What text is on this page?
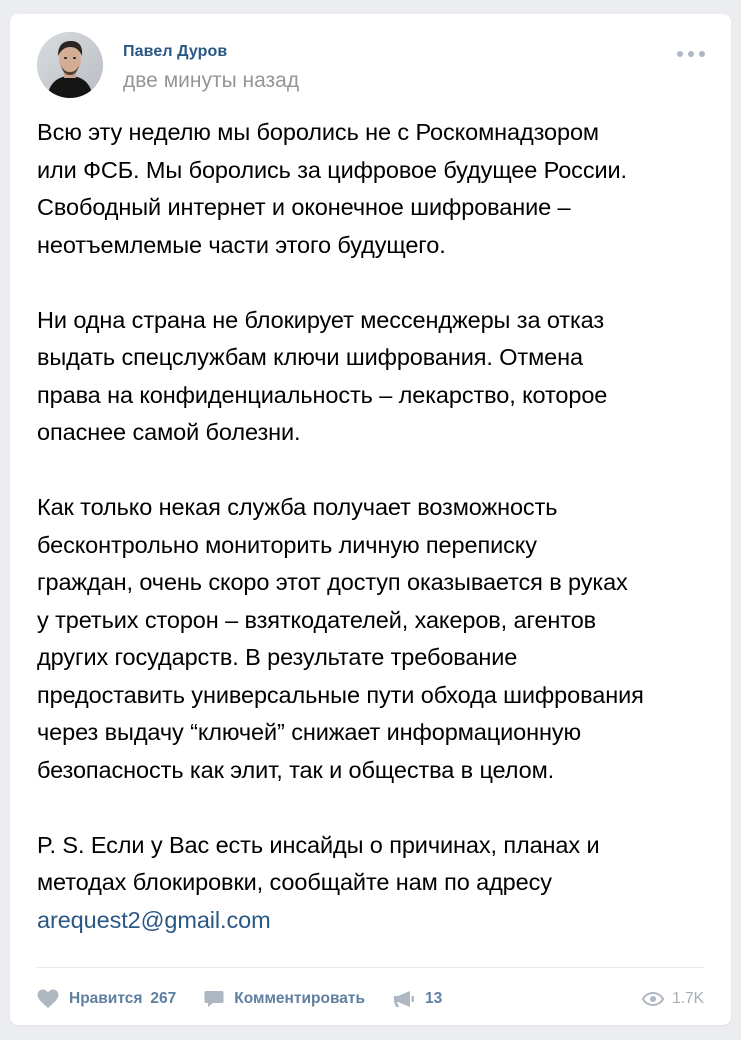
Павел Дуров
две минуты назад

Всю эту неделю мы боролись не с Роскомнадзором
или ФСБ. Мы боролись за цифровое будущее России.
Свободный интернет и оконечное шифрование –
неотъемлемые части этого будущего.

Ни одна страна не блокирует мессенджеры за отказ
выдать спецслужбам ключи шифрования. Отмена
права на конфиденциальность – лекарство, которое
опаснее самой болезни.

Как только некая служба получает возможность
бесконтрольно мониторить личную переписку
граждан, очень скоро этот доступ оказывается в руках
у третьих сторон – взяткодателей, хакеров, агентов
других государств. В результате требование
предоставить универсальные пути обхода шифрования
через выдачу “ключей” снижает информационную
безопасность как элит, так и общества в целом.

P. S. Если у Вас есть инсайды о причинах, планах и
методах блокировки, сообщайте нам по адресу
arequest2@gmail.com

Нравится 267	Комментировать	13	1.7K
